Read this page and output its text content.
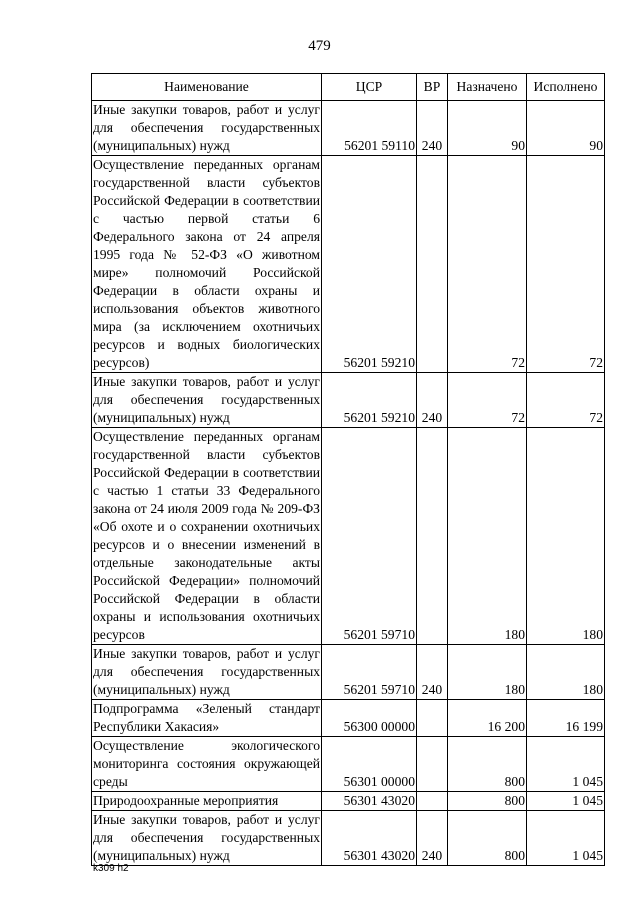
479
Наименование	ЦСР	ВР	Назначено	Исполнено
Иные закупки товаров, работ и услуг для обеспечения государственных (муниципальных) нужд	56201 59110	240	90	90
Осуществление переданных органам государственной власти субъектов Российской Федерации в соответствии с частью первой статьи 6 Федерального закона от 24 апреля 1995 года № 52-ФЗ «О животном мире» полномочий Российской Федерации в области охраны и использования объектов животного мира (за исключением охотничьих ресурсов и водных биологических ресурсов)	56201 59210		72	72
Иные закупки товаров, работ и услуг для обеспечения государственных (муниципальных) нужд	56201 59210	240	72	72
Осуществление переданных органам государственной власти субъектов Российской Федерации в соответствии с частью 1 статьи 33 Федерального закона от 24 июля 2009 года № 209-ФЗ «Об охоте и о сохранении охотничьих ресурсов и о внесении изменений в отдельные законодательные акты Российской Федерации» полномочий Российской Федерации в области охраны и использования охотничьих ресурсов	56201 59710		180	180
Иные закупки товаров, работ и услуг для обеспечения государственных (муниципальных) нужд	56201 59710	240	180	180
Подпрограмма «Зеленый стандарт Республики Хакасия»	56300 00000		16 200	16 199
Осуществление экологического мониторинга состояния окружающей среды	56301 00000		800	1 045
Природоохранные мероприятия	56301 43020		800	1 045
Иные закупки товаров, работ и услуг для обеспечения государственных (муниципальных) нужд	56301 43020	240	800	1 045
k309 h2
